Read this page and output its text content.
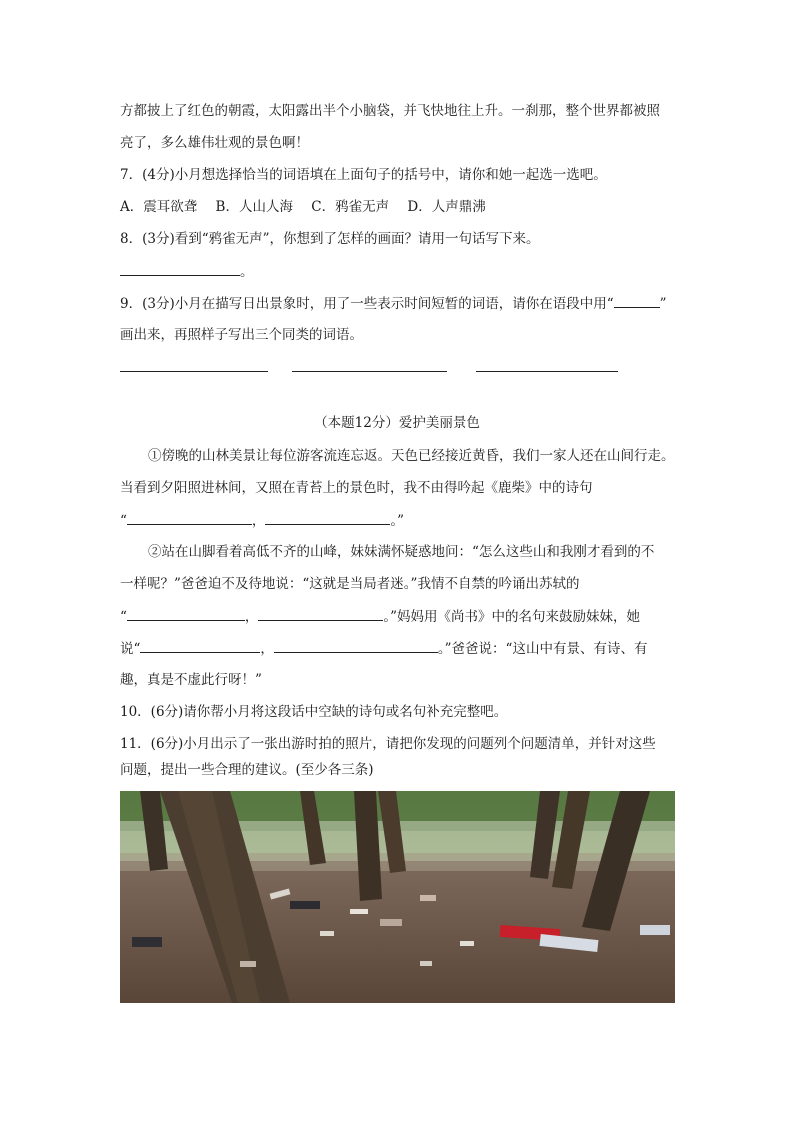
方都披上了红色的朝霞，太阳露出半个小脑袋，并飞快地往上升。一刹那，整个世界都被照
亮了，多么雄伟壮观的景色啊！
7．(4分)小月想选择恰当的词语填在上面句子的括号中，请你和她一起选一选吧。
A．震耳欲聋 B．人山人海 C．鸦雀无声 D．人声鼎沸
8．(3分)看到“鸦雀无声”，你想到了怎样的画面？请用一句话写下来。
。
9．(3分)小月在描写日出景象时，用了一些表示时间短暂的词语，请你在语段中用“	”
画出来，再照样子写出三个同类的词语。

（本题12分）爱护美丽景色
①傍晚的山林美景让每位游客流连忘返。天色已经接近黄昏，我们一家人还在山间行走。
当看到夕阳照进林间，又照在青苔上的景色时，我不由得吟起《鹿柴》中的诗句
“	，	。”
②站在山脚看着高低不齐的山峰，妹妹满怀疑惑地问：“怎么这些山和我刚才看到的不
一样呢？”爸爸迫不及待地说：“这就是当局者迷。”我情不自禁的吟诵出苏轼的
“	，	。”妈妈用《尚书》中的名句来鼓励妹妹，她
说“	，	。”爸爸说：“这山中有景、有诗、有
趣，真是不虚此行呀！”
10．(6分)请你帮小月将这段话中空缺的诗句或名句补充完整吧。
11．(6分)小月出示了一张出游时拍的照片，请把你发现的问题列个问题清单，并针对这些
问题，提出一些合理的建议。(至少各三条)
